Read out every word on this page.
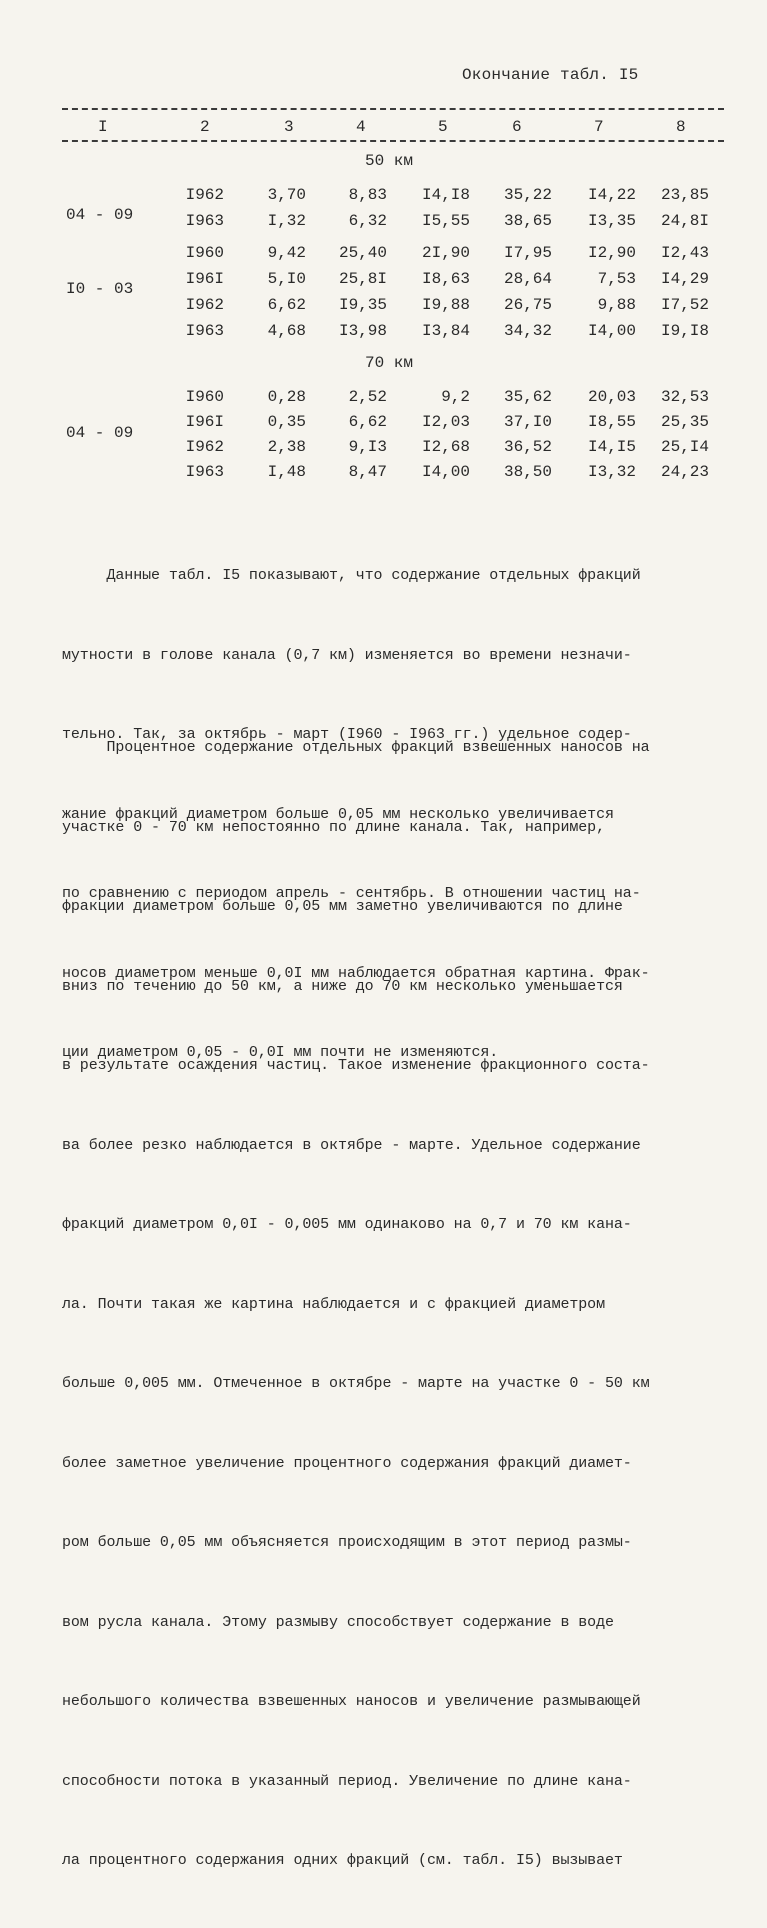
Окончание табл. I5
I	2	3	4	5	6	7	8
50 км
04 - 09
I962	3,70	8,83	I4,I8	35,22	I4,22	23,85
I963	I,32	6,32	I5,55	38,65	I3,35	24,8I
I0 - 03
I960	9,42	25,40	2I,90	I7,95	I2,90	I2,43
I96I	5,I0	25,8I	I8,63	28,64	7,53	I4,29
I962	6,62	I9,35	I9,88	26,75	9,88	I7,52
I963	4,68	I3,98	I3,84	34,32	I4,00	I9,I8
70 км
04 - 09
I960	0,28	2,52	9,2	35,62	20,03	32,53
I96I	0,35	6,62	I2,03	37,I0	I8,55	25,35
I962	2,38	9,I3	I2,68	36,52	I4,I5	25,I4
I963	I,48	8,47	I4,00	38,50	I3,32	24,23

Данные табл. I5 показывают, что содержание отдельных фракций

мутности в голове канала (0,7 км) изменяется во времени незначи-

тельно. Так, за октябрь - март (I960 - I963 гг.) удельное содер-

жание фракций диаметром больше 0,05 мм несколько увеличивается

по сравнению с периодом апрель - сентябрь. В отношении частиц на-

носов диаметром меньше 0,0I мм наблюдается обратная картина. Фрак-

ции диаметром 0,05 - 0,0I мм почти не изменяются.

Процентное содержание отдельных фракций взвешенных наносов на

участке 0 - 70 км непостоянно по длине канала. Так, например,

фракции диаметром больше 0,05 мм заметно увеличиваются по длине

вниз по течению до 50 км, а ниже до 70 км несколько уменьшается

в результате осаждения частиц. Такое изменение фракционного соста-

ва более резко наблюдается в октябре - марте. Удельное содержание

фракций диаметром 0,0I - 0,005 мм одинаково на 0,7 и 70 км кана-

ла. Почти такая же картина наблюдается и с фракцией диаметром

больше 0,005 мм. Отмеченное в октябре - марте на участке 0 - 50 км

более заметное увеличение процентного содержания фракций диамет-

ром больше 0,05 мм объясняется происходящим в этот период размы-

вом русла канала. Этому размыву способствует содержание в воде

небольшого количества взвешенных наносов и увеличение размывающей

способности потока в указанный период. Увеличение по длине кана-

ла процентного содержания одних фракций (см. табл. I5) вызывает
